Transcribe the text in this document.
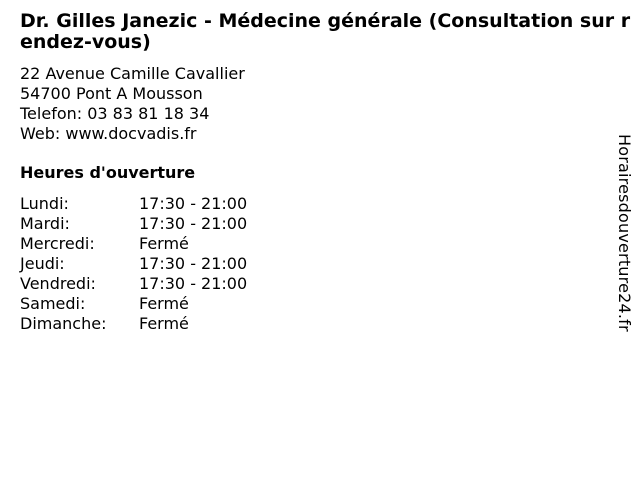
Dr. Gilles Janezic - Médecine générale (Consultation sur rendez-vous)
22 Avenue Camille Cavallier
54700 Pont A Mousson
Telefon: 03 83 81 18 34
Web: www.docvadis.fr
Heures d'ouverture
Lundi:	17:30 - 21:00
Mardi:	17:30 - 21:00
Mercredi:	Fermé
Jeudi:	17:30 - 21:00
Vendredi:	17:30 - 21:00
Samedi:	Fermé
Dimanche:	Fermé	Horairesdouverture24.fr
